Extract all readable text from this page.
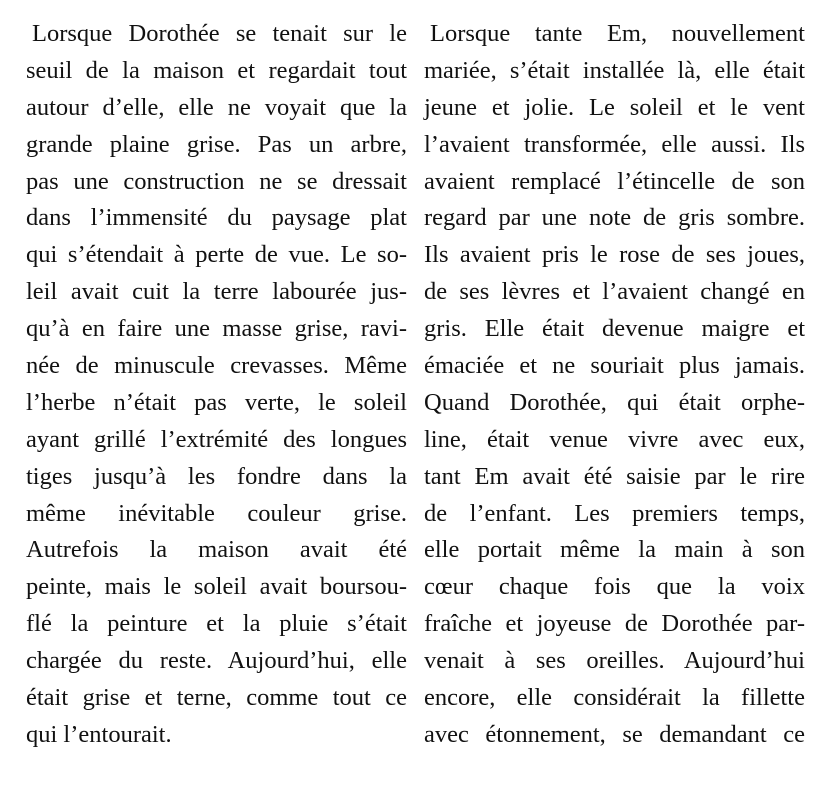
Lorsque Dorothée se tenait sur le
seuil de la maison et regardait tout
autour d’elle, elle ne voyait que la
grande plaine grise. Pas un arbre,
pas une construction ne se dressait
dans l’immensité du paysage plat
qui s’étendait à perte de vue. Le so-
leil avait cuit la terre labourée jus-
qu’à en faire une masse grise, ravi-
née de minuscule crevasses. Même
l’herbe n’était pas verte, le soleil
ayant grillé l’extrémité des longues
tiges jusqu’à les fondre dans la
même inévitable couleur grise.
Autrefois la maison avait été
peinte, mais le soleil avait boursou-
flé la peinture et la pluie s’était
chargée du reste. Aujourd’hui, elle
était grise et terne, comme tout ce
qui l’entourait.
Lorsque tante Em, nouvellement
mariée, s’était installée là, elle était
jeune et jolie. Le soleil et le vent
l’avaient transformée, elle aussi. Ils
avaient remplacé l’étincelle de son
regard par une note de gris sombre.
Ils avaient pris le rose de ses joues,
de ses lèvres et l’avaient changé en
gris. Elle était devenue maigre et
émaciée et ne souriait plus jamais.
Quand Dorothée, qui était orphe-
line, était venue vivre avec eux,
tant Em avait été saisie par le rire
de l’enfant. Les premiers temps,
elle portait même la main à son
cœur chaque fois que la voix
fraîche et joyeuse de Dorothée par-
venait à ses oreilles. Aujourd’hui
encore, elle considérait la fillette
avec étonnement, se demandant ce
